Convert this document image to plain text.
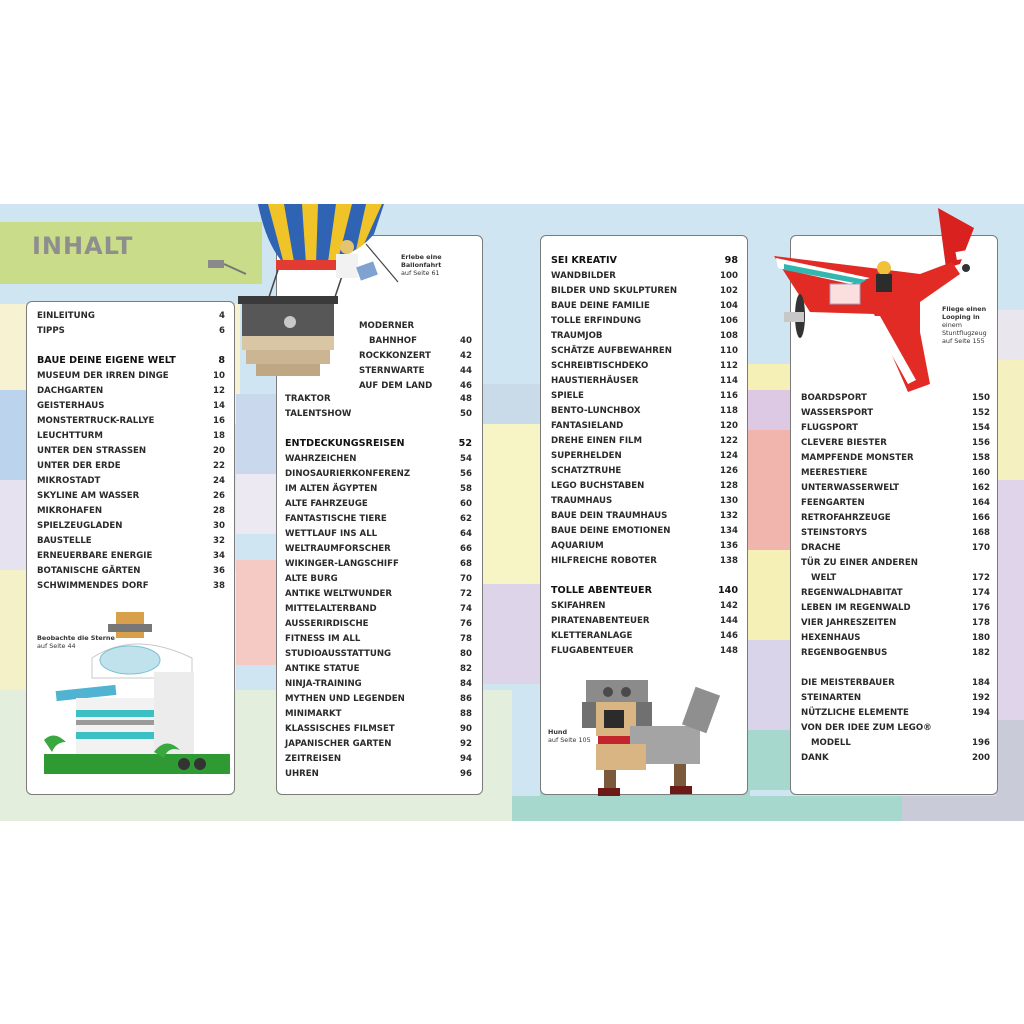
INHALT
EINLEITUNG	4
TIPPS	6
BAUE DEINE EIGENE WELT	8
MUSEUM DER IRREN DINGE	10
DACHGARTEN	12
GEISTERHAUS	14
MONSTERTRUCK-RALLYE	16
LEUCHTTURM	18
UNTER DEN STRASSEN	20
UNTER DER ERDE	22
MIKROSTADT	24
SKYLINE AM WASSER	26
MIKROHAFEN	28
SPIELZEUGLADEN	30
BAUSTELLE	32
ERNEUERBARE ENERGIE	34
BOTANISCHE GÄRTEN	36
SCHWIMMENDES DORF	38
MODERNER
BAHNHOF	40
ROCKKONZERT	42
STERNWARTE	44
AUF DEM LAND	46
TRAKTOR	48
TALENTSHOW	50
ENTDECKUNGSREISEN	52
WAHRZEICHEN	54
DINOSAURIERKONFERENZ	56
IM ALTEN ÄGYPTEN	58
ALTE FAHRZEUGE	60
FANTASTISCHE TIERE	62
WETTLAUF INS ALL	64
WELTRAUMFORSCHER	66
WIKINGER-LANGSCHIFF	68
ALTE BURG	70
ANTIKE WELTWUNDER	72
MITTELALTERBAND	74
AUSSERIRDISCHE	76
FITNESS IM ALL	78
STUDIOAUSSTATTUNG	80
ANTIKE STATUE	82
NINJA-TRAINING	84
MYTHEN UND LEGENDEN	86
MINIMARKT	88
KLASSISCHES FILMSET	90
JAPANISCHER GARTEN	92
ZEITREISEN	94
UHREN	96
SEI KREATIV	98
WANDBILDER	100
BILDER UND SKULPTUREN	102
BAUE DEINE FAMILIE	104
TOLLE ERFINDUNG	106
TRAUMJOB	108
SCHÄTZE AUFBEWAHREN	110
SCHREIBTISCHDEKO	112
HAUSTIERHÄUSER	114
SPIELE	116
BENTO-LUNCHBOX	118
FANTASIELAND	120
DREHE EINEN FILM	122
SUPERHELDEN	124
SCHATZTRUHE	126
LEGO BUCHSTABEN	128
TRAUMHAUS	130
BAUE DEIN TRAUMHAUS	132
BAUE DEINE EMOTIONEN	134
AQUARIUM	136
HILFREICHE ROBOTER	138
TOLLE ABENTEUER	140
SKIFAHREN	142
PIRATENABENTEUER	144
KLETTERANLAGE	146
FLUGABENTEUER	148
BOARDSPORT	150
WASSERSPORT	152
FLUGSPORT	154
CLEVERE BIESTER	156
MAMPFENDE MONSTER	158
MEERESTIERE	160
UNTERWASSERWELT	162
FEENGARTEN	164
RETROFAHRZEUGE	166
STEINSTORYS	168
DRACHE	170
TÜR ZU EINER ANDEREN
WELT	172
REGENWALDHABITAT	174
LEBEN IM REGENWALD	176
VIER JAHRESZEITEN	178
HEXENHAUS	180
REGENBOGENBUS	182
DIE MEISTERBAUER	184
STEINARTEN	192
NÜTZLICHE ELEMENTE	194
VON DER IDEE ZUM LEGO®
MODELL	196
DANK	200
Erlebe eine
Ballonfahrt
auf Seite 61
Beobachte die Sterne
auf Seite 44
Hund
auf Seite 105
Fliege einen
Looping in
einem
Stuntflugzeug
auf Seite 155
